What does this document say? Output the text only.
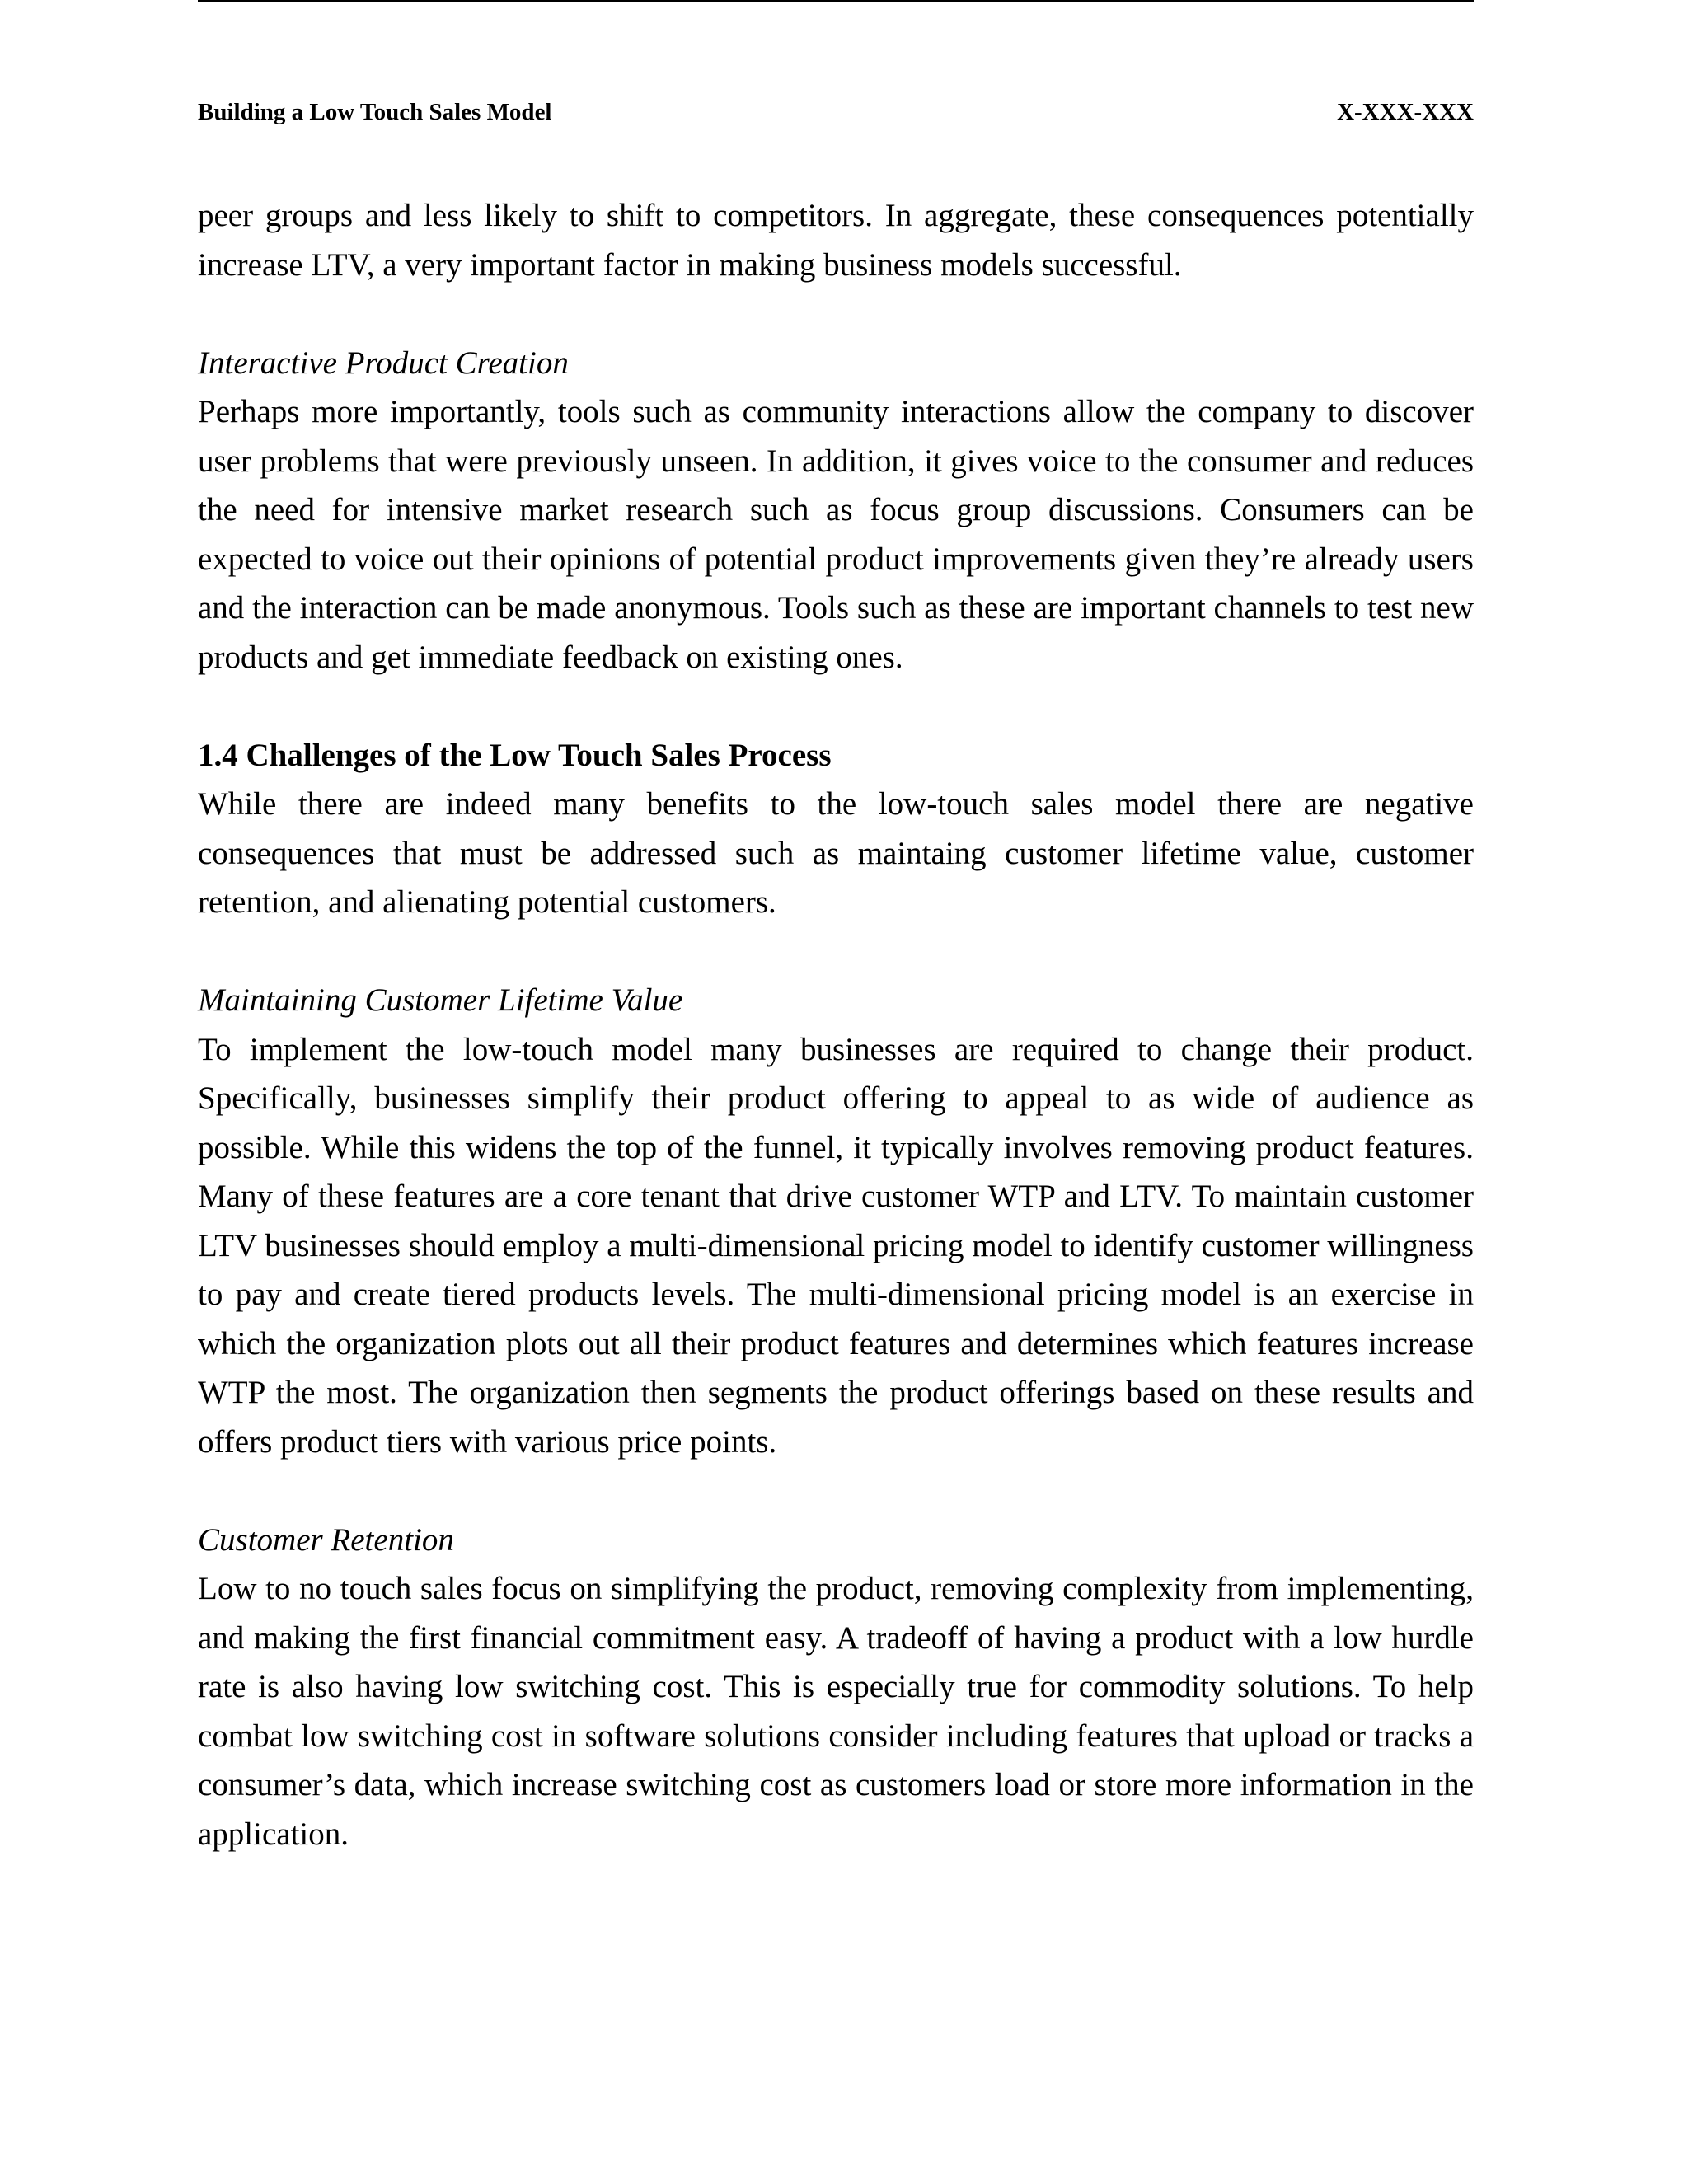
Building a Low Touch Sales Model	X-XXX-XXX

peer groups and less likely to shift to competitors. In aggregate, these consequences potentially increase LTV, a very important factor in making business models successful.

Interactive Product Creation

Perhaps more importantly, tools such as community interactions allow the company to discover user problems that were previously unseen. In addition, it gives voice to the consumer and reduces the need for intensive market research such as focus group discussions. Consumers can be expected to voice out their opinions of potential product improvements given they’re already users and the interaction can be made anonymous. Tools such as these are important channels to test new products and get immediate feedback on existing ones.

1.4 Challenges of the Low Touch Sales Process

While there are indeed many benefits to the low-touch sales model there are negative consequences that must be addressed such as maintaing customer lifetime value, customer retention, and alienating potential customers.

Maintaining Customer Lifetime Value

To implement the low-touch model many businesses are required to change their product. Specifically, businesses simplify their product offering to appeal to as wide of audience as possible. While this widens the top of the funnel, it typically involves removing product features. Many of these features are a core tenant that drive customer WTP and LTV. To maintain customer LTV businesses should employ a multi-dimensional pricing model to identify customer willingness to pay and create tiered products levels. The multi-dimensional pricing model is an exercise in which the organization plots out all their product features and determines which features increase WTP the most. The organization then segments the product offerings based on these results and offers product tiers with various price points.

Customer Retention

Low to no touch sales focus on simplifying the product, removing complexity from implementing, and making the first financial commitment easy. A tradeoff of having a product with a low hurdle rate is also having low switching cost. This is especially true for commodity solutions. To help combat low switching cost in software solutions consider including features that upload or tracks a consumer’s data, which increase switching cost as customers load or store more information in the application.
